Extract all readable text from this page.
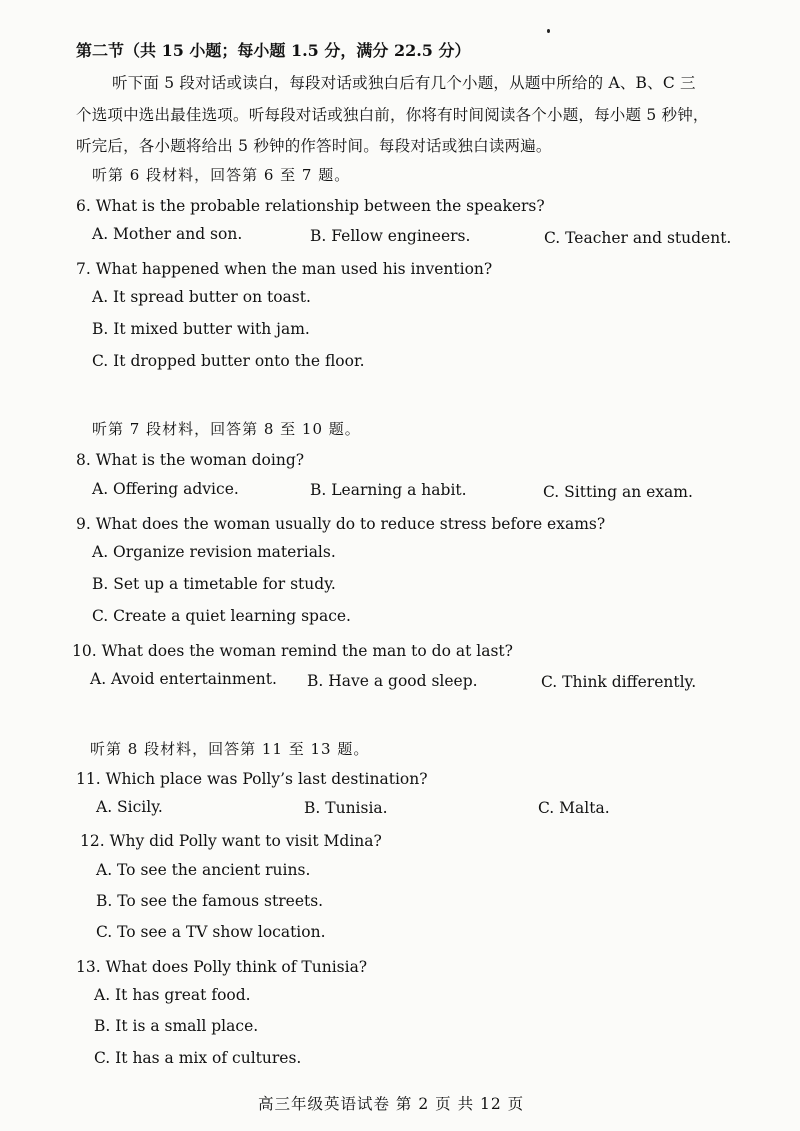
第二节（共 15 小题；每小题 1.5 分，满分 22.5 分）
听下面 5 段对话或读白，每段对话或独白后有几个小题，从题中所给的 A、B、C 三
个选项中选出最佳选项。听每段对话或独白前，你将有时间阅读各个小题，每小题 5 秒钟，
听完后，各小题将给出 5 秒钟的作答时间。每段对话或独白读两遍。
听第 6 段材料，回答第 6 至 7 题。
6. What is the probable relationship between the speakers?
A. Mother and son.	B. Fellow engineers.	C. Teacher and student.
7. What happened when the man used his invention?
A. It spread butter on toast.
B. It mixed butter with jam.
C. It dropped butter onto the floor.
听第 7 段材料，回答第 8 至 10 题。
8. What is the woman doing?
A. Offering advice.	B. Learning a habit.	C. Sitting an exam.
9. What does the woman usually do to reduce stress before exams?
A. Organize revision materials.
B. Set up a timetable for study.
C. Create a quiet learning space.
10. What does the woman remind the man to do at last?
A. Avoid entertainment. B. Have a good sleep.	C. Think differently.
听第 8 段材料，回答第 11 至 13 题。
11. Which place was Polly’s last destination?
A. Sicily.	B. Tunisia.	C. Malta.
12. Why did Polly want to visit Mdina?
A. To see the ancient ruins.
B. To see the famous streets.
C. To see a TV show location.
13. What does Polly think of Tunisia?
A. It has great food.
B. It is a small place.
C. It has a mix of cultures.
高三年级英语试卷 第 2 页 共 12 页
